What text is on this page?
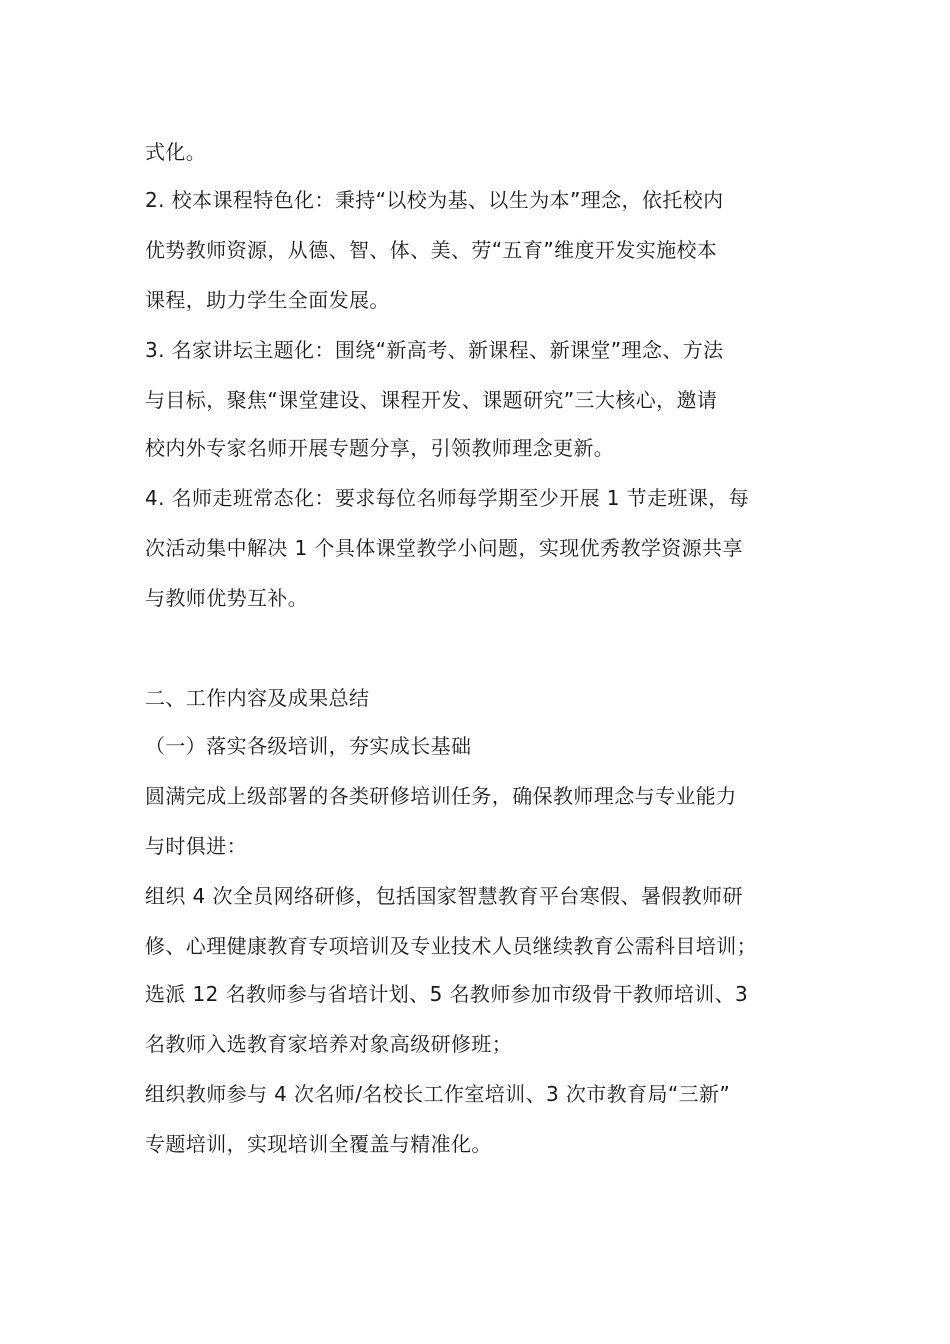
式化。
2. 校本课程特色化：秉持“以校为基、以生为本”理念，依托校内
优势教师资源，从德、智、体、美、劳“五育”维度开发实施校本
课程，助力学生全面发展。
3. 名家讲坛主题化：围绕“新高考、新课程、新课堂”理念、方法
与目标，聚焦“课堂建设、课程开发、课题研究”三大核心，邀请
校内外专家名师开展专题分享，引领教师理念更新。
4. 名师走班常态化：要求每位名师每学期至少开展 1 节走班课，每
次活动集中解决 1 个具体课堂教学小问题，实现优秀教学资源共享
与教师优势互补。
二、工作内容及成果总结
（一）落实各级培训，夯实成长基础
圆满完成上级部署的各类研修培训任务，确保教师理念与专业能力
与时俱进：
组织 4 次全员网络研修，包括国家智慧教育平台寒假、暑假教师研
修、心理健康教育专项培训及专业技术人员继续教育公需科目培训；
选派 12 名教师参与省培计划、5 名教师参加市级骨干教师培训、3
名教师入选教育家培养对象高级研修班；
组织教师参与 4 次名师/名校长工作室培训、3 次市教育局“三新”
专题培训，实现培训全覆盖与精准化。
